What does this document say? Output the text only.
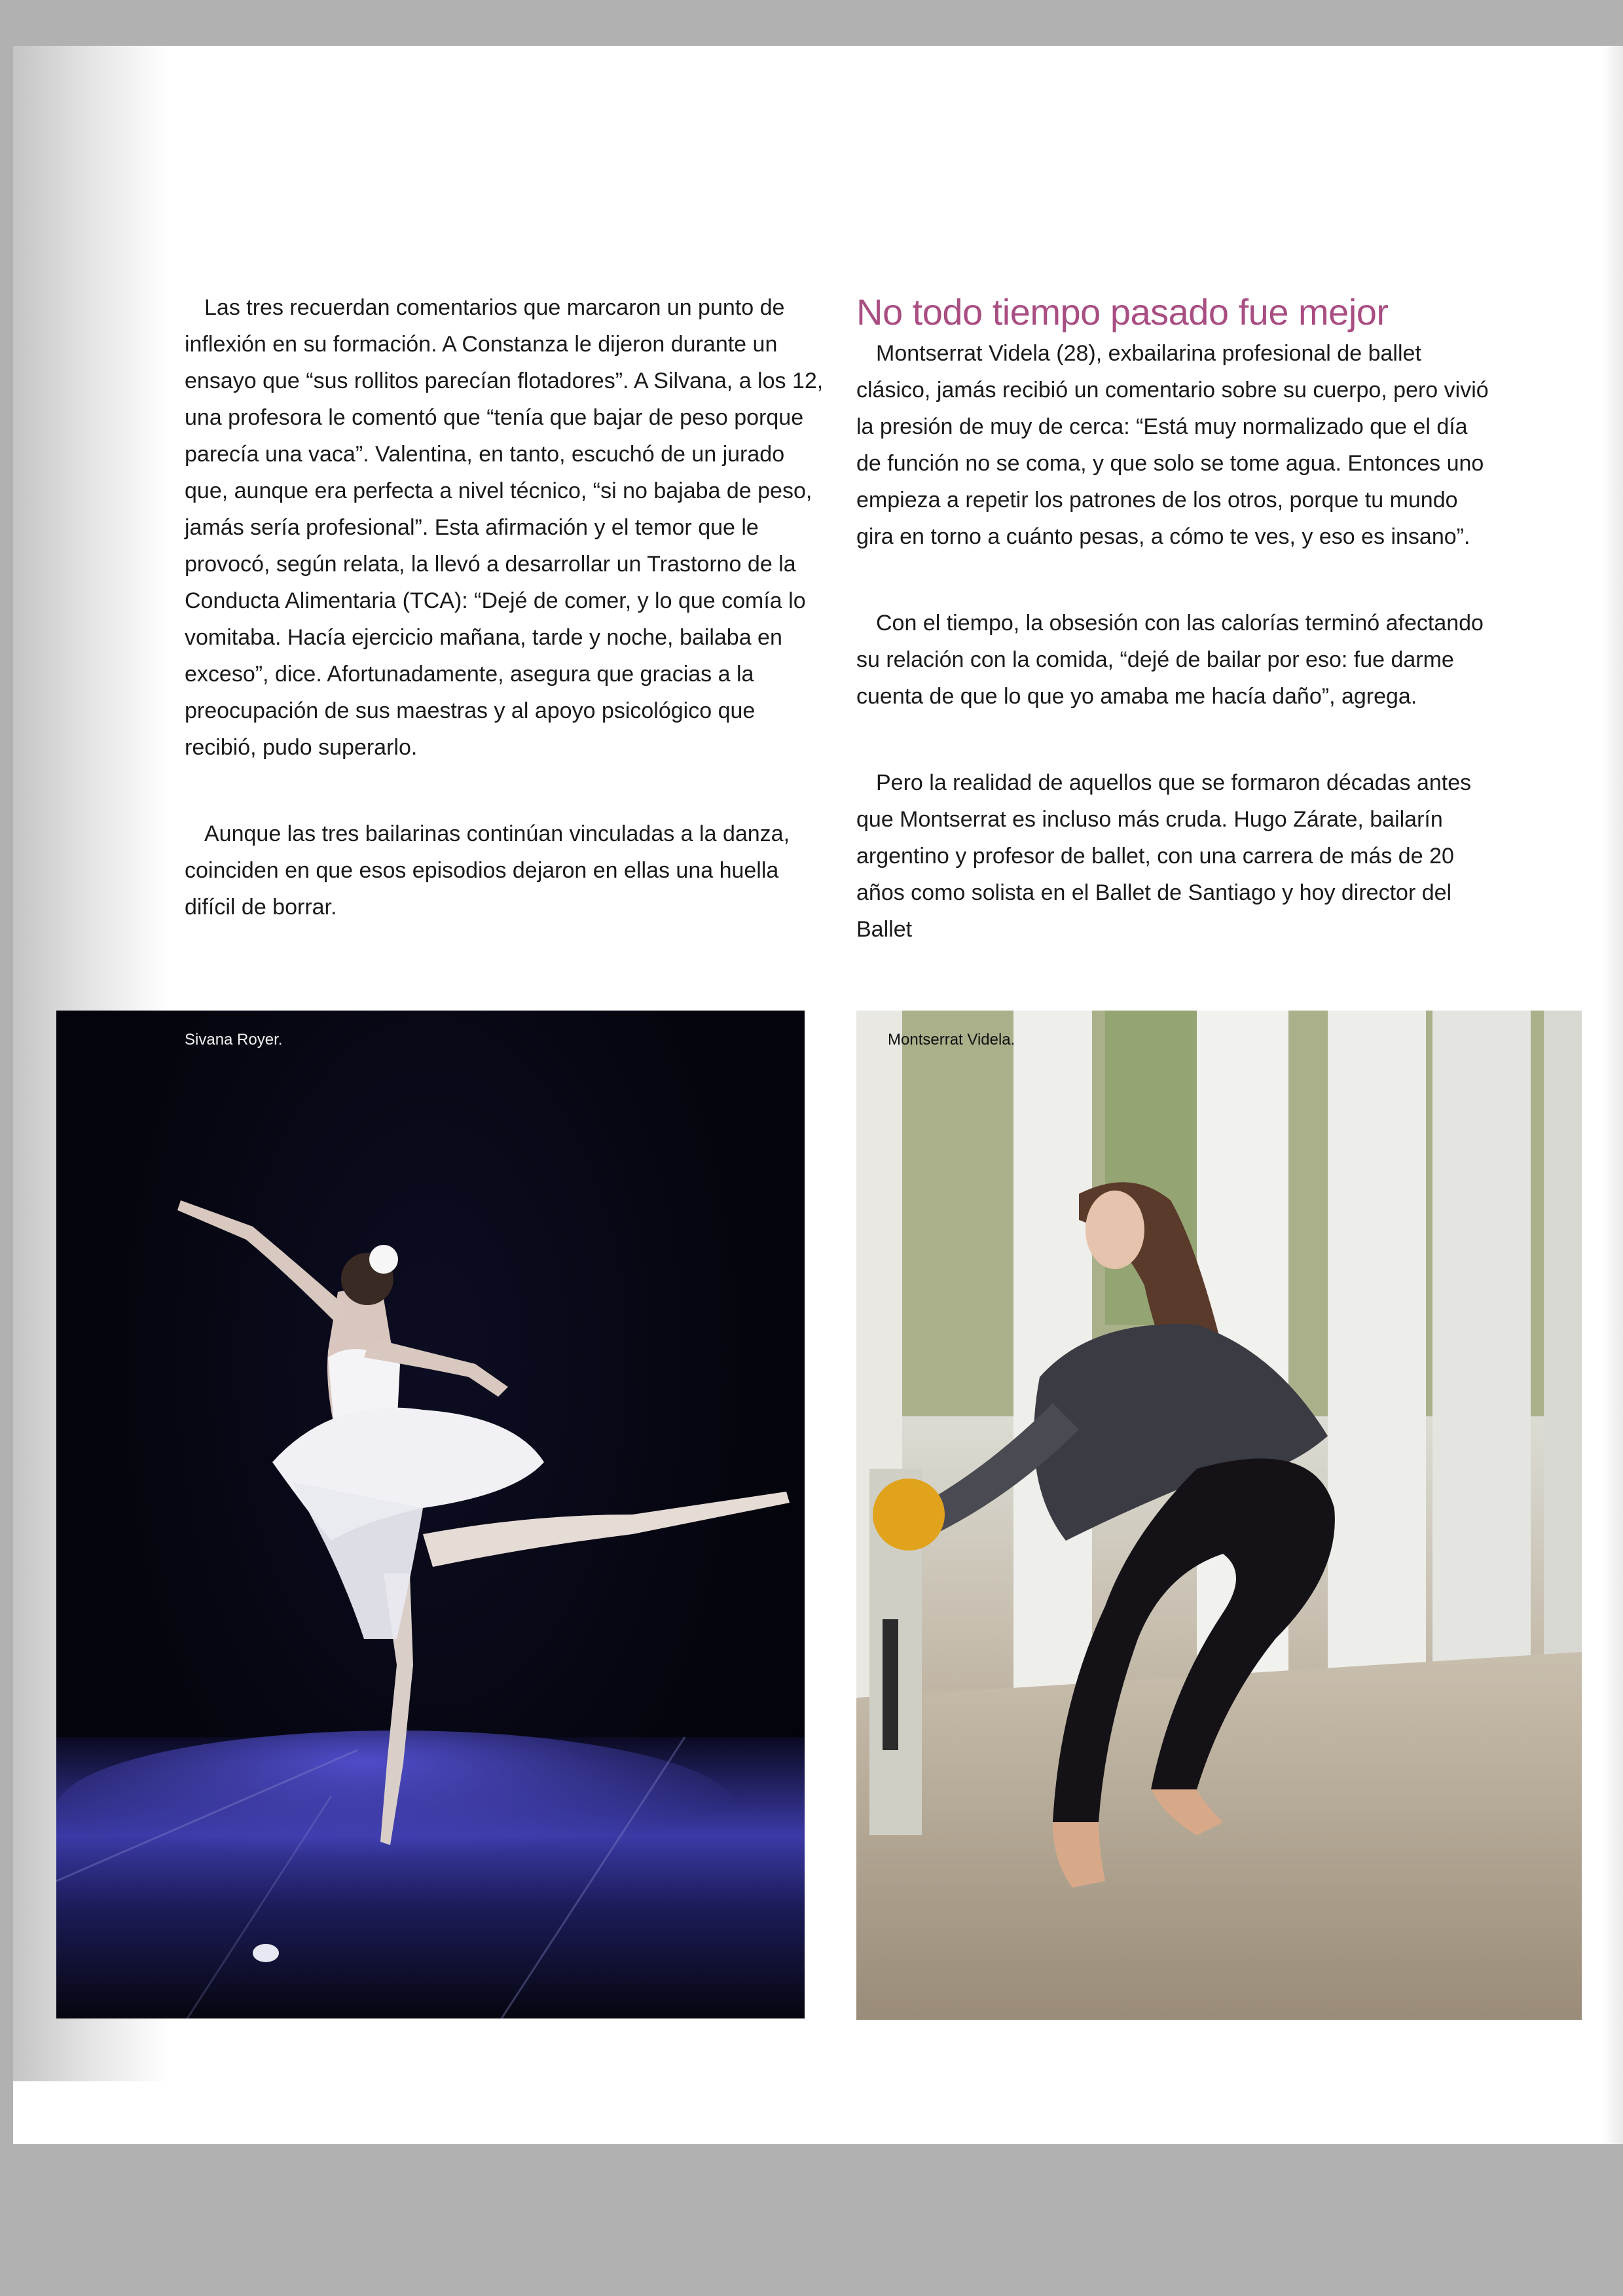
Las tres recuerdan comentarios que marcaron un punto de inflexión en su formación. A Constanza le dijeron durante un ensayo que “sus rollitos parecían flotadores”. A Silvana, a los 12, una profesora le comentó que “tenía que bajar de peso porque parecía una vaca”. Valentina, en tanto, escuchó de un jurado que, aunque era perfecta a nivel técnico, “si no bajaba de peso, jamás sería profesional”. Esta afirmación y el temor que le provocó, según relata, la llevó a desarrollar un Trastorno de la Conducta Alimentaria (TCA): “Dejé de comer, y lo que comía lo vomitaba. Hacía ejercicio mañana, tarde y noche, bailaba en exceso”, dice. Afortunadamente, asegura que gracias a la preocupación de sus maestras y al apoyo psicológico que recibió, pudo superarlo.

Aunque las tres bailarinas continúan vinculadas a la danza, coinciden en que esos episodios dejaron en ellas una huella difícil de borrar.

No todo tiempo pasado fue mejor

Montserrat Videla (28), exbailarina profesional de ballet clásico, jamás recibió un comentario sobre su cuerpo, pero vivió la presión de muy de cerca: “Está muy normalizado que el día de función no se coma, y que solo se tome agua. Entonces uno empieza a repetir los patrones de los otros, porque tu mundo gira en torno a cuánto pesas, a cómo te ves, y eso es insano”.

Con el tiempo, la obsesión con las calorías terminó afectando su relación con la comida, “dejé de bailar por eso: fue darme cuenta de que lo que yo amaba me hacía daño”, agrega.

Pero la realidad de aquellos que se formaron décadas antes que Montserrat es incluso más cruda. Hugo Zárate, bailarín argentino y profesor de ballet, con una carrera de más de 20 años como solista en el Ballet de Santiago y hoy director del Ballet

Sivana Royer.	Montserrat Videla.
